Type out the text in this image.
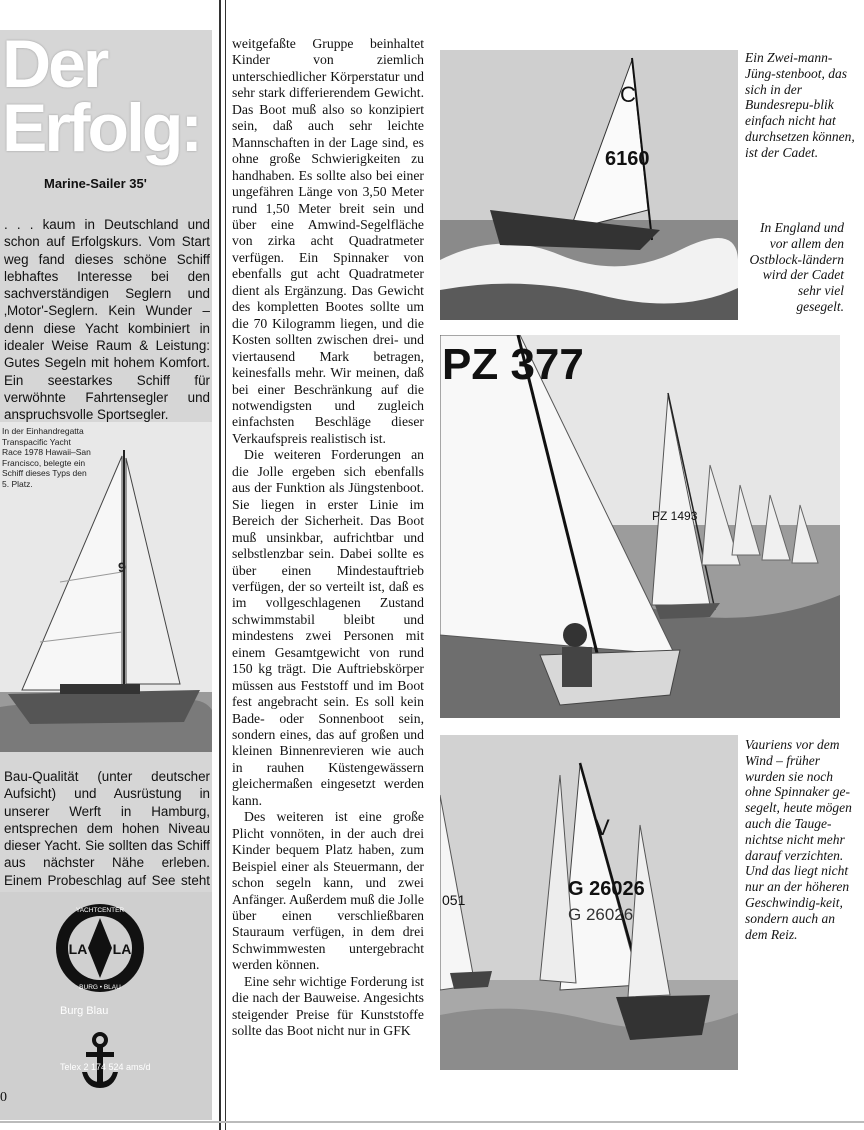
Der
Erfolg:
Marine-Sailer 35'
. . . kaum in Deutschland und schon auf Erfolgskurs. Vom Start weg fand dieses schöne Schiff lebhaftes Interesse bei den sachverständigen Seglern und ‚Motor'-Seglern. Kein Wunder – denn diese Yacht kombiniert in idealer Weise Raum & Leistung: Gutes Segeln mit hohem Komfort. Ein seestarkes Schiff für verwöhnte Fahrtensegler und anspruchsvolle Sportsegler.
9
In der Einhandregatta Transpacific Yacht Race 1978 Hawaii–San Francisco, belegte ein Schiff dieses Typs den 5. Platz.
Bau-Qualität (unter deutscher Aufsicht) und Ausrüstung in unserer Werft in Hamburg, entsprechen dem hohen Niveau dieser Yacht. Sie sollten das Schiff aus nächster Nähe erleben. Einem Probeschlag auf See steht
YACHTCENTER
BURG • BLAU
LA LA
Burg Blau
Telex 2 174 524 ams/d
0

weitgefaßte Gruppe beinhaltet Kinder von ziemlich unterschiedlicher Körperstatur und sehr stark differierendem Gewicht. Das Boot muß also so konzipiert sein, daß auch sehr leichte Mannschaften in der Lage sind, es ohne große Schwierigkeiten zu handhaben. Es sollte also bei einer ungefähren Länge von 3,50 Meter rund 1,50 Meter breit sein und über eine Amwind-Segelfläche von zirka acht Quadratmeter verfügen. Ein Spinnaker von ebenfalls gut acht Quadratmeter dient als Ergänzung. Das Gewicht des kompletten Bootes sollte um die 70 Kilogramm liegen, und die Kosten sollten zwischen drei- und viertausend Mark betragen, keinesfalls mehr. Wir meinen, daß bei einer Beschränkung auf die notwendigsten und zugleich einfachsten Beschläge dieser Verkaufspreis realistisch ist.

Die weiteren Forderungen an die Jolle ergeben sich ebenfalls aus der Funktion als Jüngstenboot. Sie liegen in erster Linie im Bereich der Sicherheit. Das Boot muß unsinkbar, aufrichtbar und selbstlenzbar sein. Dabei sollte es über einen Mindestauftrieb verfügen, der so verteilt ist, daß es im vollgeschlagenen Zustand schwimmstabil bleibt und mindestens zwei Personen mit einem Gesamtgewicht von rund 150 kg trägt. Die Auftriebskörper müssen aus Feststoff und im Boot fest angebracht sein. Es soll kein Bade- oder Sonnenboot sein, sondern eines, das auf großen und kleinen Binnenrevieren wie auch in rauhen Küstengewässern gleichermaßen eingesetzt werden kann.

Des weiteren ist eine große Plicht vonnöten, in der auch drei Kinder bequem Platz haben, zum Beispiel einer als Steuermann, der schon segeln kann, und zwei Anfänger. Außerdem muß die Jolle über einen verschließbaren Stauraum verfügen, in dem drei Schwimmwesten untergebracht werden können.

Eine sehr wichtige Forderung ist die nach der Bauweise. Angesichts steigender Preise für Kunststoffe sollte das Boot nicht nur in GFK

C
6160
PZ 377
PZ 1493
V
G 26026
G 26026
051
Ein Zwei-mann-Jüng-stenboot, das sich in der Bundesrepu-blik einfach nicht hat durchsetzen können, ist der Cadet.
In England und vor allem den Ostblock-ländern wird der Cadet sehr viel gesegelt.
Vauriens vor dem Wind – früher wurden sie noch ohne Spinnaker ge-segelt, heute mögen auch die Tauge-nichtse nicht mehr darauf verzichten. Und das liegt nicht nur an der höheren Geschwindig-keit, sondern auch an dem Reiz.
